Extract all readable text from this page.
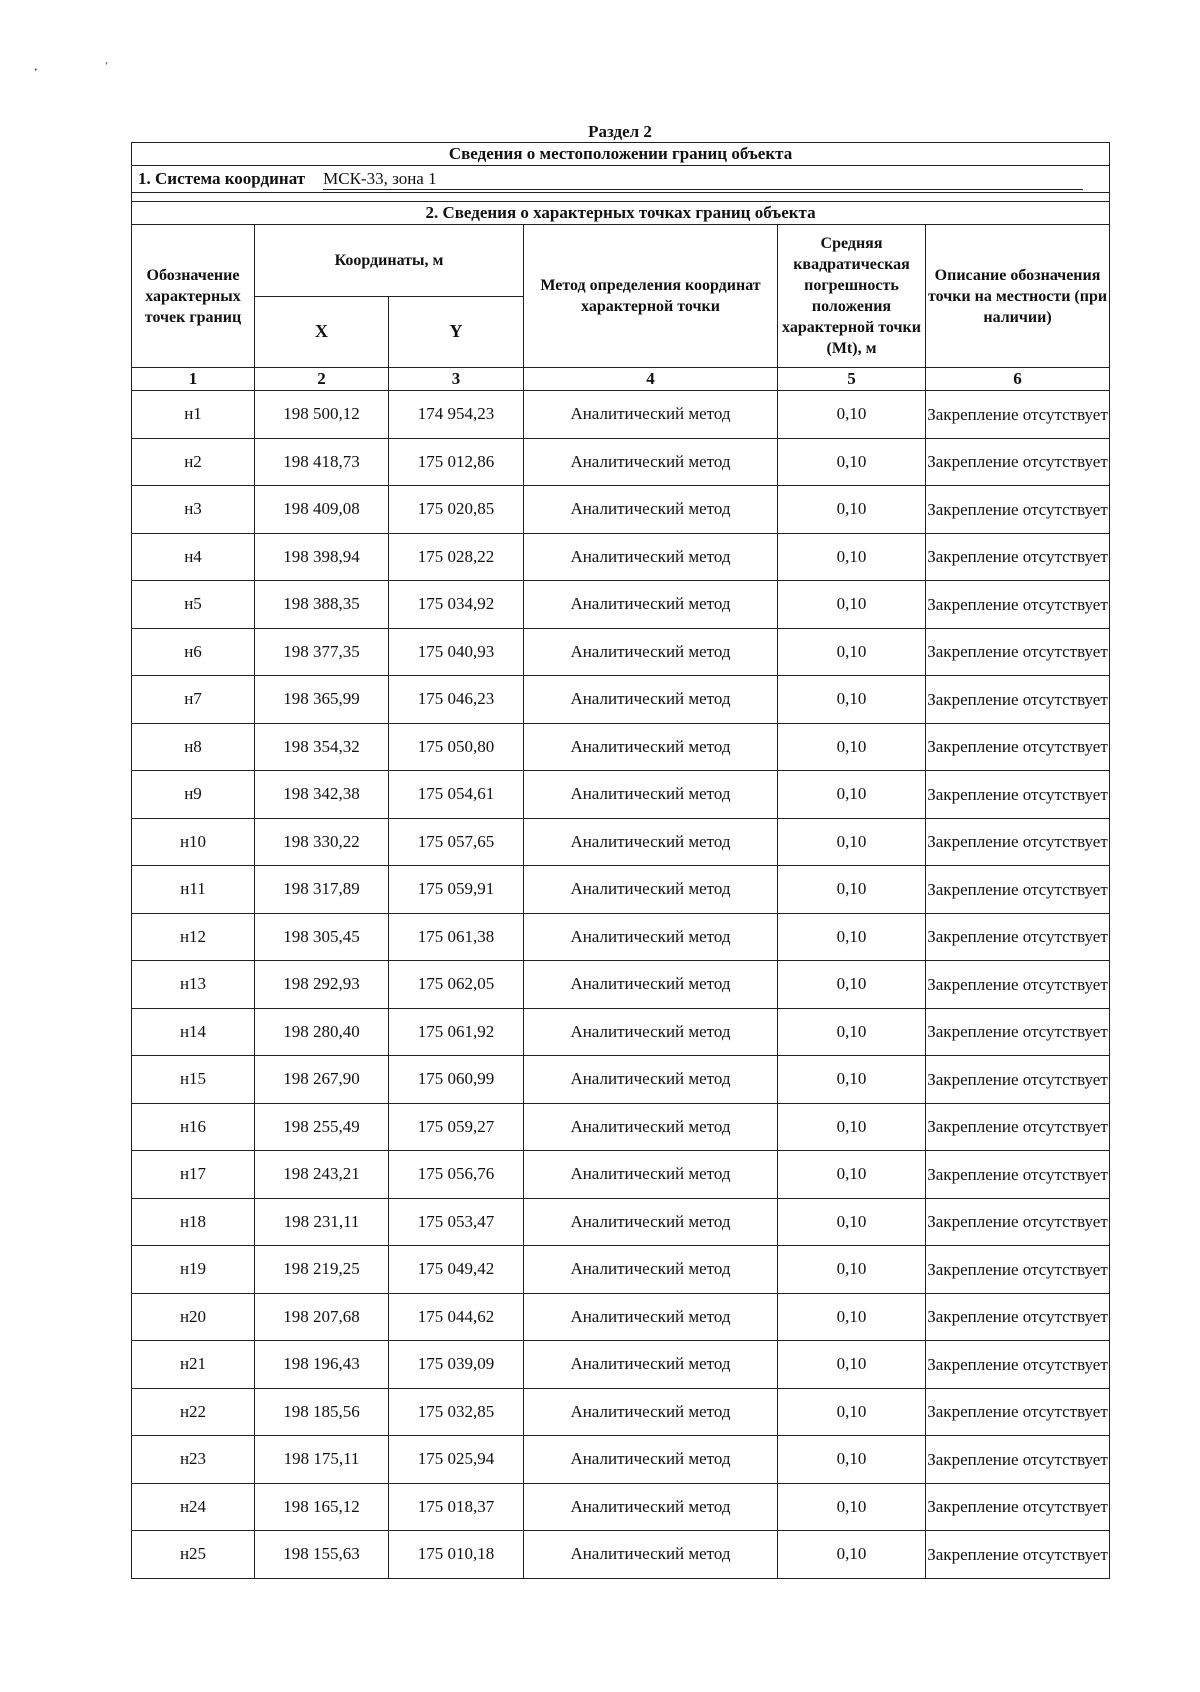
ˌ
·
Раздел 2
Сведения о местоположении границ объекта					
1. Система координат МСК-33, зона 1					

2. Сведения о характерных точках границ объекта					
Обозначение характерных точек границ	Координаты, м		Метод определения координат характерной точки	Средняя квадратическая погрешность положения характерной точки (Mt), м	Описание обозначения точки на местности (при наличии)
	X	Y			
1	2	3	4	5	6
н1	198 500,12	174 954,23	Аналитический метод	0,10	Закрепление отсутствует
н2	198 418,73	175 012,86	Аналитический метод	0,10	Закрепление отсутствует
н3	198 409,08	175 020,85	Аналитический метод	0,10	Закрепление отсутствует
н4	198 398,94	175 028,22	Аналитический метод	0,10	Закрепление отсутствует
н5	198 388,35	175 034,92	Аналитический метод	0,10	Закрепление отсутствует
н6	198 377,35	175 040,93	Аналитический метод	0,10	Закрепление отсутствует
н7	198 365,99	175 046,23	Аналитический метод	0,10	Закрепление отсутствует
н8	198 354,32	175 050,80	Аналитический метод	0,10	Закрепление отсутствует
н9	198 342,38	175 054,61	Аналитический метод	0,10	Закрепление отсутствует
н10	198 330,22	175 057,65	Аналитический метод	0,10	Закрепление отсутствует
н11	198 317,89	175 059,91	Аналитический метод	0,10	Закрепление отсутствует
н12	198 305,45	175 061,38	Аналитический метод	0,10	Закрепление отсутствует
н13	198 292,93	175 062,05	Аналитический метод	0,10	Закрепление отсутствует
н14	198 280,40	175 061,92	Аналитический метод	0,10	Закрепление отсутствует
н15	198 267,90	175 060,99	Аналитический метод	0,10	Закрепление отсутствует
н16	198 255,49	175 059,27	Аналитический метод	0,10	Закрепление отсутствует
н17	198 243,21	175 056,76	Аналитический метод	0,10	Закрепление отсутствует
н18	198 231,11	175 053,47	Аналитический метод	0,10	Закрепление отсутствует
н19	198 219,25	175 049,42	Аналитический метод	0,10	Закрепление отсутствует
н20	198 207,68	175 044,62	Аналитический метод	0,10	Закрепление отсутствует
н21	198 196,43	175 039,09	Аналитический метод	0,10	Закрепление отсутствует
н22	198 185,56	175 032,85	Аналитический метод	0,10	Закрепление отсутствует
н23	198 175,11	175 025,94	Аналитический метод	0,10	Закрепление отсутствует
н24	198 165,12	175 018,37	Аналитический метод	0,10	Закрепление отсутствует
н25	198 155,63	175 010,18	Аналитический метод	0,10	Закрепление отсутствует
